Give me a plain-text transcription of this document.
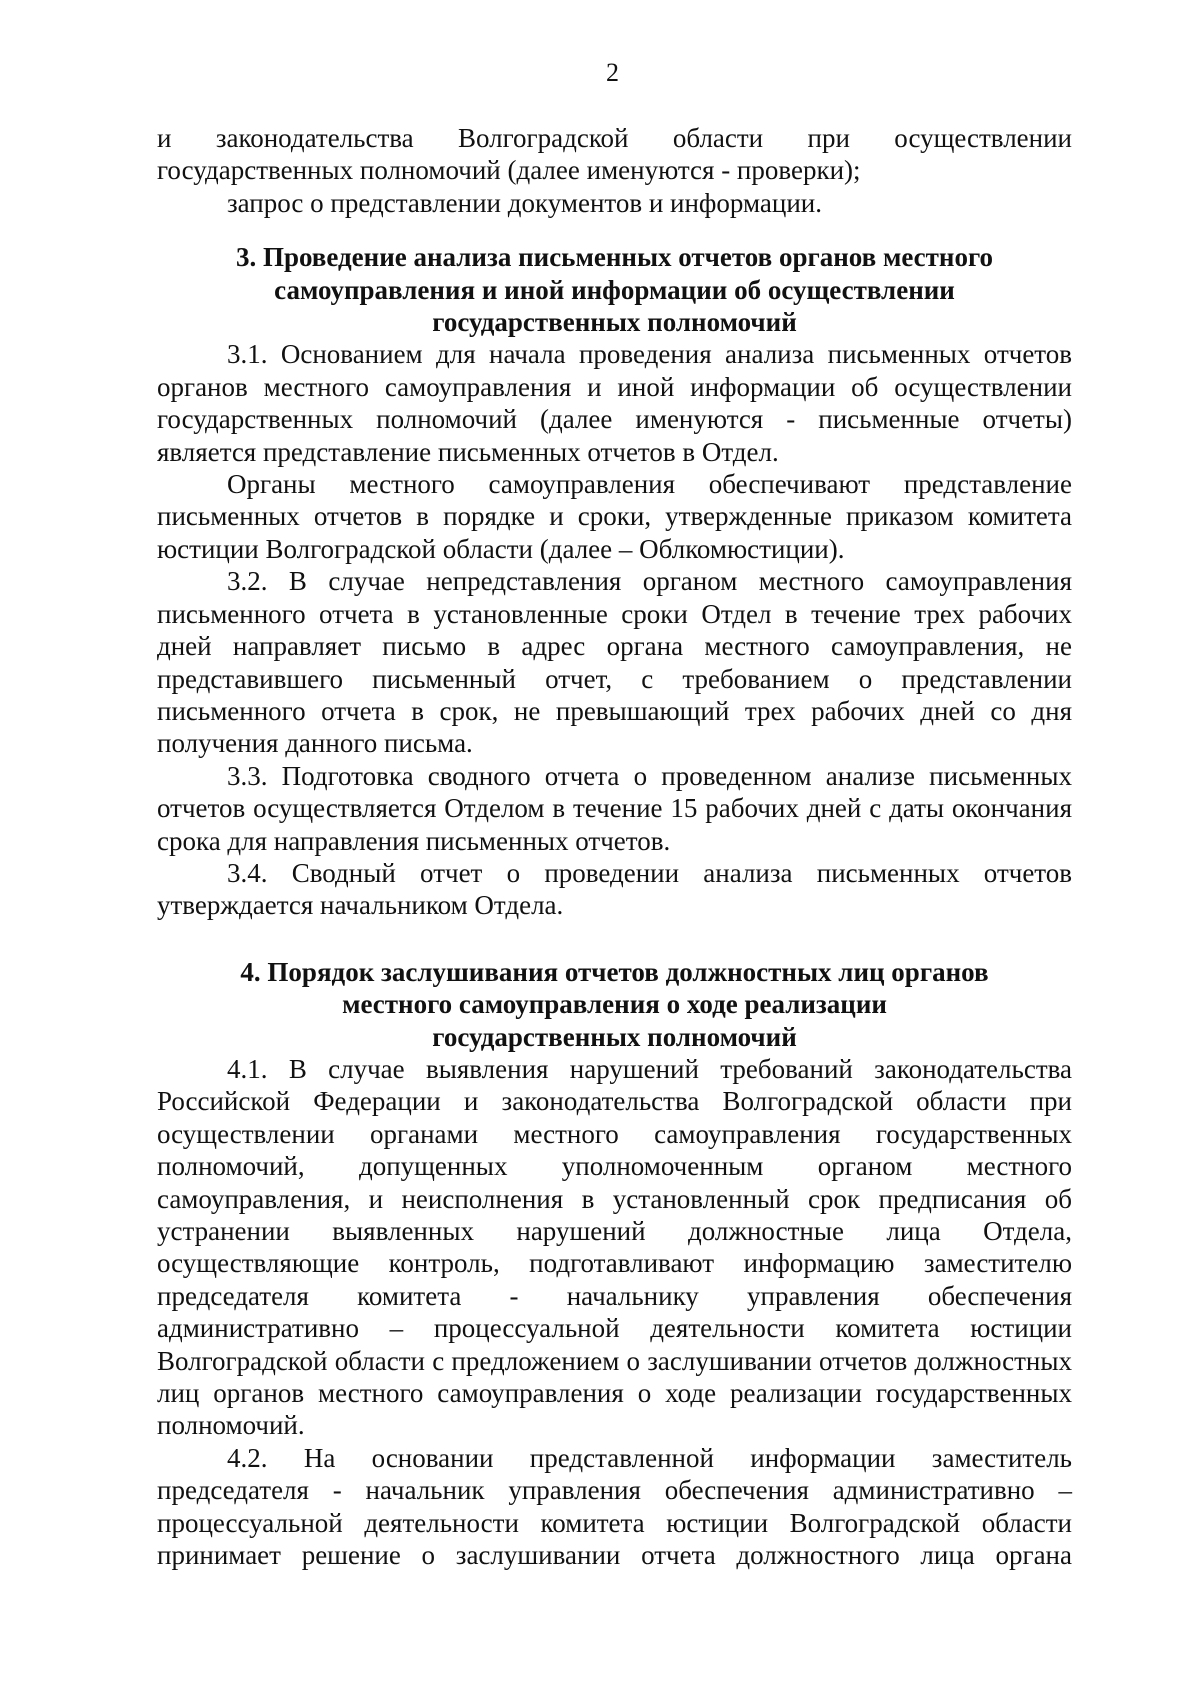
2

и законодательства Волгоградской области при осуществлении

государственных полномочий (далее именуются - проверки);

запрос о представлении документов и информации.

3. Проведение анализа письменных отчетов органов местного
самоуправления и иной информации об осуществлении
государственных полномочий

3.1. Основанием для начала проведения анализа письменных отчетов органов местного самоуправления и иной информации об осуществлении государственных полномочий (далее именуются - письменные отчеты) является представление письменных отчетов в Отдел.

Органы местного самоуправления обеспечивают представление письменных отчетов в порядке и сроки, утвержденные приказом комитета юстиции Волгоградской области (далее – Облкомюстиции).

3.2. В случае непредставления органом местного самоуправления письменного отчета в установленные сроки Отдел в течение трех рабочих дней направляет письмо в адрес органа местного самоуправления, не представившего письменный отчет, с требованием о представлении письменного отчета в срок, не превышающий трех рабочих дней со дня получения данного письма.

3.3. Подготовка сводного отчета о проведенном анализе письменных отчетов осуществляется Отделом в течение 15 рабочих дней с даты окончания срока для направления письменных отчетов.

3.4. Сводный отчет о проведении анализа письменных отчетов утверждается начальником Отдела.

4. Порядок заслушивания отчетов должностных лиц органов
местного самоуправления о ходе реализации
государственных полномочий

4.1. В случае выявления нарушений требований законодательства Российской Федерации и законодательства Волгоградской области при осуществлении органами местного самоуправления государственных полномочий, допущенных уполномоченным органом местного самоуправления, и неисполнения в установленный срок предписания об устранении выявленных нарушений должностные лица Отдела, осуществляющие контроль, подготавливают информацию заместителю председателя комитета - начальнику управления обеспечения административно – процессуальной деятельности комитета юстиции Волгоградской области с предложением о заслушивании отчетов должностных лиц органов местного самоуправления о ходе реализации государственных полномочий.

4.2. На основании представленной информации заместитель председателя - начальник управления обеспечения административно – процессуальной деятельности комитета юстиции Волгоградской области принимает решение о заслушивании отчета должностного лица органа
